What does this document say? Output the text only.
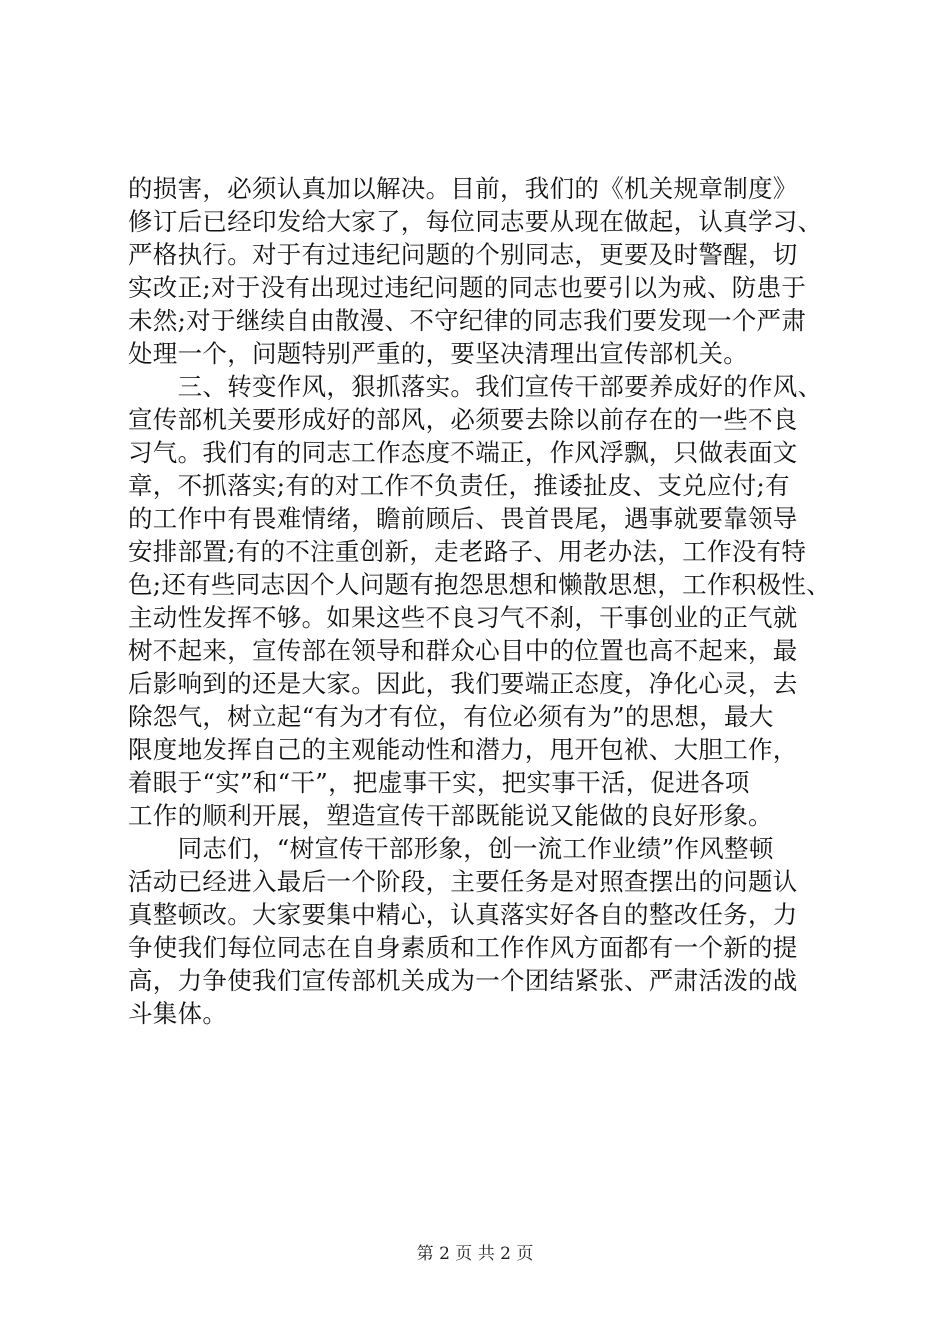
的损害，必须认真加以解决。目前，我们的《机关规章制度》
修订后已经印发给大家了，每位同志要从现在做起，认真学习、
严格执行。对于有过违纪问题的个别同志，更要及时警醒，切
实改正;对于没有出现过违纪问题的同志也要引以为戒、防患于
未然;对于继续自由散漫、不守纪律的同志我们要发现一个严肃
处理一个，问题特别严重的，要坚决清理出宣传部机关。
　　三、转变作风，狠抓落实。我们宣传干部要养成好的作风、
宣传部机关要形成好的部风，必须要去除以前存在的一些不良
习气。我们有的同志工作态度不端正，作风浮飘，只做表面文
章，不抓落实;有的对工作不负责任，推诿扯皮、支兑应付;有
的工作中有畏难情绪，瞻前顾后、畏首畏尾，遇事就要靠领导
安排部置;有的不注重创新，走老路子、用老办法，工作没有特
色;还有些同志因个人问题有抱怨思想和懒散思想，工作积极性、
主动性发挥不够。如果这些不良习气不刹，干事创业的正气就
树不起来，宣传部在领导和群众心目中的位置也高不起来，最
后影响到的还是大家。因此，我们要端正态度，净化心灵，去
除怨气，树立起“有为才有位，有位必须有为”的思想，最大
限度地发挥自己的主观能动性和潜力，甩开包袱、大胆工作，
着眼于“实”和“干”，把虚事干实，把实事干活，促进各项
工作的顺利开展，塑造宣传干部既能说又能做的良好形象。
　　同志们，“树宣传干部形象，创一流工作业绩”作风整顿
活动已经进入最后一个阶段，主要任务是对照查摆出的问题认
真整顿改。大家要集中精心，认真落实好各自的整改任务，力
争使我们每位同志在自身素质和工作作风方面都有一个新的提
高，力争使我们宣传部机关成为一个团结紧张、严肃活泼的战
斗集体。
第 2 页 共 2 页
